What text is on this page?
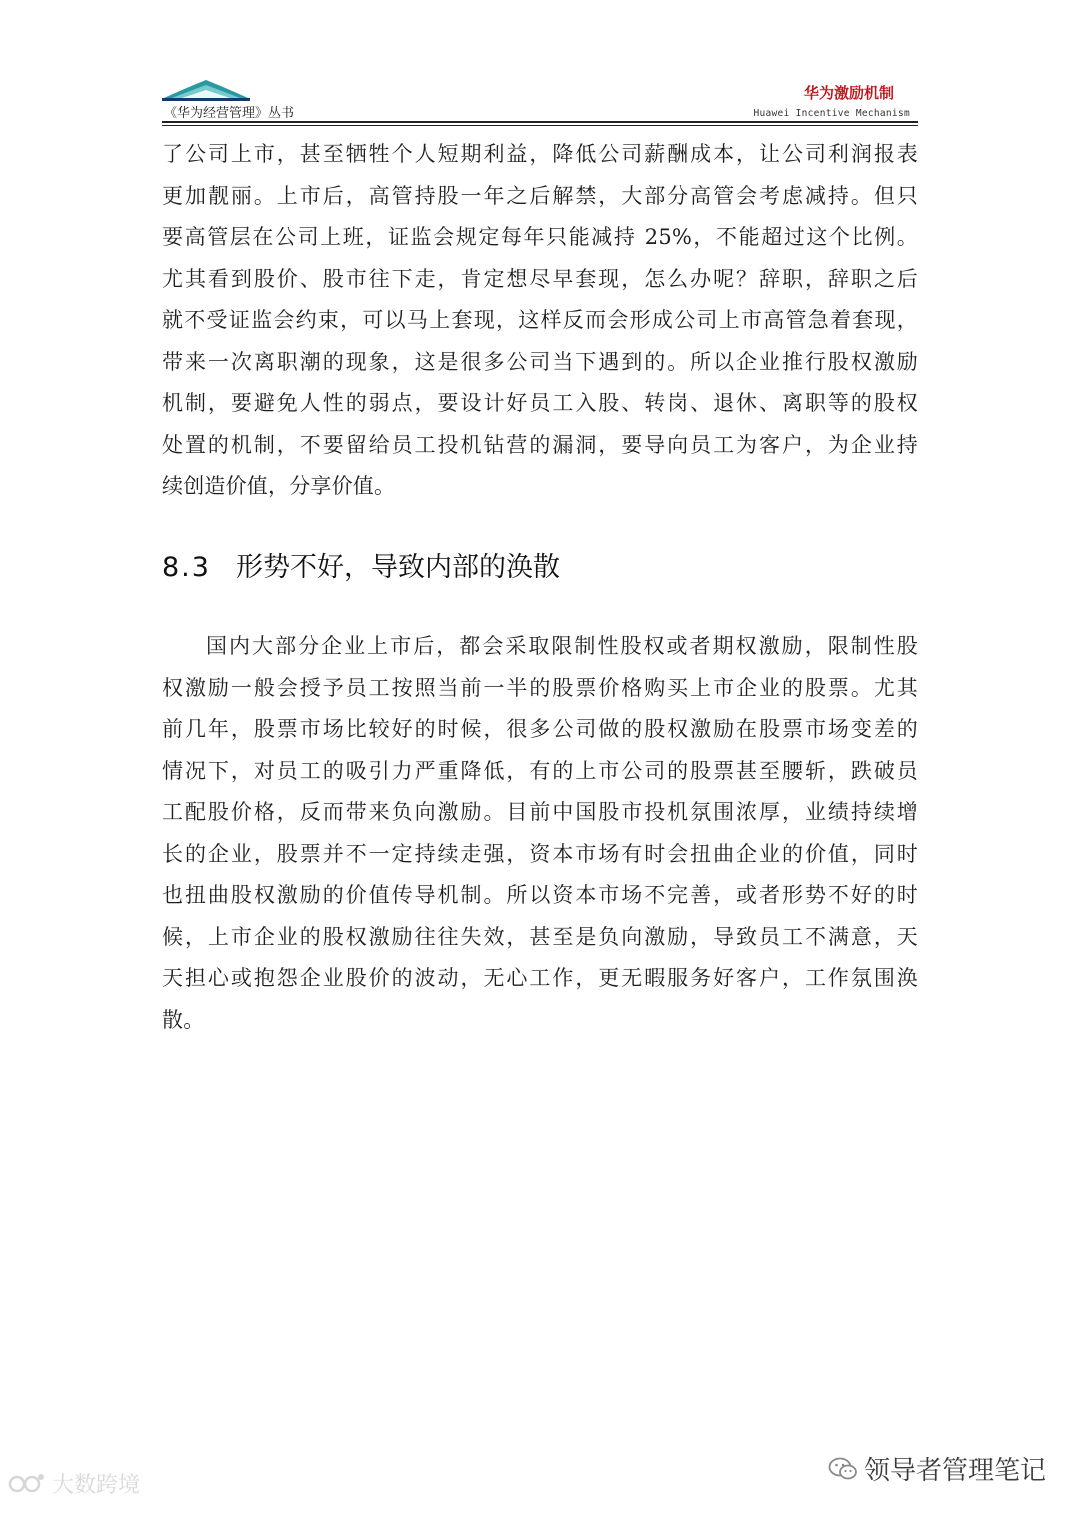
《华为经营管理》丛书
华为激励机制
Huawei Incentive Mechanism
了公司上市，甚至牺牲个人短期利益，降低公司薪酬成本，让公司利润报表
更加靓丽。上市后，高管持股一年之后解禁，大部分高管会考虑减持。但只
要高管层在公司上班，证监会规定每年只能减持 25%，不能超过这个比例。
尤其看到股价、股市往下走，肯定想尽早套现，怎么办呢？辞职，辞职之后
就不受证监会约束，可以马上套现，这样反而会形成公司上市高管急着套现，
带来一次离职潮的现象，这是很多公司当下遇到的。所以企业推行股权激励
机制，要避免人性的弱点，要设计好员工入股、转岗、退休、离职等的股权
处置的机制，不要留给员工投机钻营的漏洞，要导向员工为客户，为企业持
续创造价值，分享价值。
8.3 形势不好，导致内部的涣散
国内大部分企业上市后，都会采取限制性股权或者期权激励，限制性股
权激励一般会授予员工按照当前一半的股票价格购买上市企业的股票。尤其
前几年，股票市场比较好的时候，很多公司做的股权激励在股票市场变差的
情况下，对员工的吸引力严重降低，有的上市公司的股票甚至腰斩，跌破员
工配股价格，反而带来负向激励。目前中国股市投机氛围浓厚，业绩持续增
长的企业，股票并不一定持续走强，资本市场有时会扭曲企业的价值，同时
也扭曲股权激励的价值传导机制。所以资本市场不完善，或者形势不好的时
候，上市企业的股权激励往往失效，甚至是负向激励，导致员工不满意，天
天担心或抱怨企业股价的波动，无心工作，更无暇服务好客户，工作氛围涣
散。
大数跨境	领导者管理笔记
